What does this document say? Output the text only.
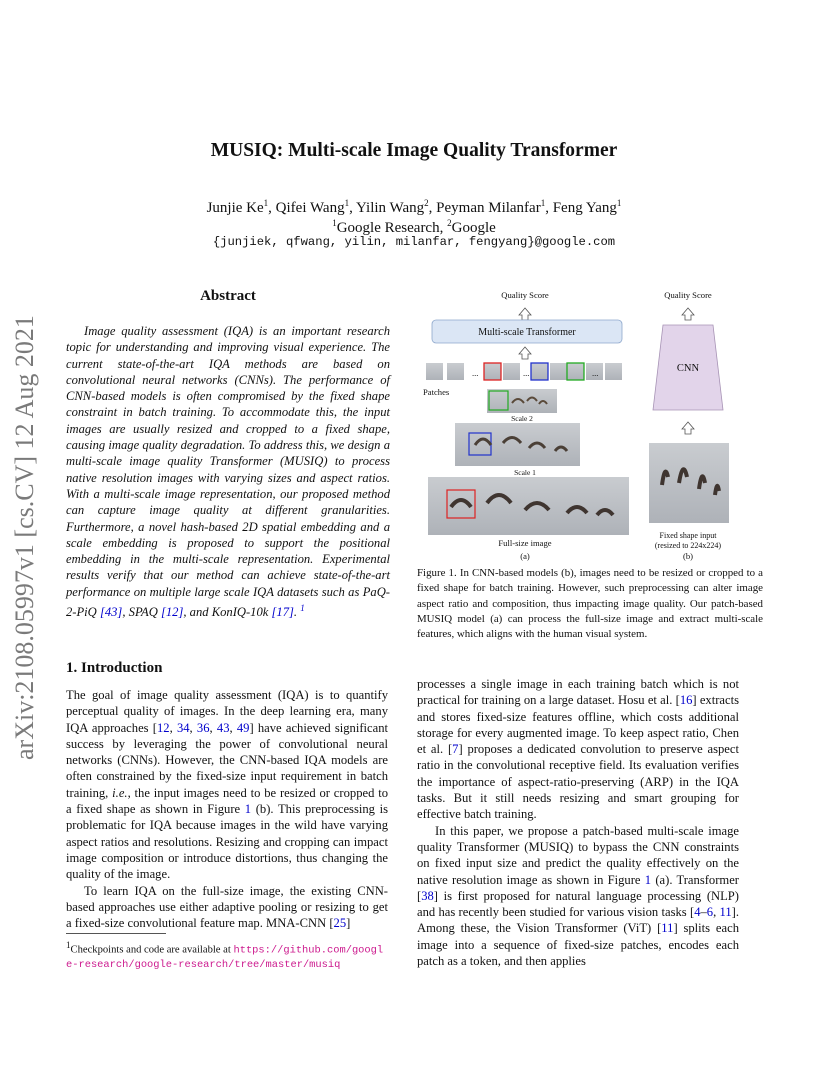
arXiv:2108.05997v1 [cs.CV] 12 Aug 2021
MUSIQ: Multi-scale Image Quality Transformer
Junjie Ke$^1$, Qifei Wang$^1$, Yilin Wang$^2$, Peyman Milanfar$^1$, Feng Yang$^1$
$^1$Google Research, $^2$Google
{junjiek, qfwang, yilin, milanfar, fengyang}@google.com
Abstract

Image quality assessment (IQA) is an important research topic for understanding and improving visual experience. The current state-of-the-art IQA methods are based on convolutional neural networks (CNNs). The performance of CNN-based models is often compromised by the fixed shape constraint in batch training. To accommodate this, the input images are usually resized and cropped to a fixed shape, causing image quality degradation. To address this, we design a multi-scale image quality Transformer (MUSIQ) to process native resolution images with varying sizes and aspect ratios. With a multi-scale image representation, our proposed method can capture image quality at different granularities. Furthermore, a novel hash-based 2D spatial embedding and a scale embedding is proposed to support the positional embedding in the multi-scale representation. Experimental results verify that our method can achieve state-of-the-art performance on multiple large scale IQA datasets such as PaQ-2-PiQ [43], SPAQ [12], and KonIQ-10k [17]. $^1$

1. Introduction

The goal of image quality assessment (IQA) is to quantify perceptual quality of images. In the deep learning era, many IQA approaches [12, 34, 36, 43, 49] have achieved significant success by leveraging the power of convolutional neural networks (CNNs). However, the CNN-based IQA models are often constrained by the fixed-size input requirement in batch training, i.e., the input images need to be resized or cropped to a fixed shape as shown in Figure 1 (b). This preprocessing is problematic for IQA because images in the wild have varying aspect ratios and resolutions. Resizing and cropping can impact image composition or introduce distortions, thus changing the quality of the image.

To learn IQA on the full-size image, the existing CNN-based approaches use either adaptive pooling or resizing to get a fixed-size convolutional feature map. MNA-CNN [25]

$^1$Checkpoints and code are available at https://github.com/google-research/google-research/tree/master/musiq
Quality Score
Multi-scale Transformer
...	...	...
Patches
Scale 2
Scale 1
Full-size image
(a)
Quality Score
CNN
Fixed shape input
(resized to 224x224)
(b)
Figure 1. In CNN-based models (b), images need to be resized or cropped to a fixed shape for batch training. However, such preprocessing can alter image aspect ratio and composition, thus impacting image quality. Our patch-based MUSIQ model (a) can process the full-size image and extract multi-scale features, which aligns with the human visual system.

processes a single image in each training batch which is not practical for training on a large dataset. Hosu et al. [16] extracts and stores fixed-size features offline, which costs additional storage for every augmented image. To keep aspect ratio, Chen et al. [7] proposes a dedicated convolution to preserve aspect ratio in the convolutional receptive field. Its evaluation verifies the importance of aspect-ratio-preserving (ARP) in the IQA tasks. But it still needs resizing and smart grouping for effective batch training.

In this paper, we propose a patch-based multi-scale image quality Transformer (MUSIQ) to bypass the CNN constraints on fixed input size and predict the quality effectively on the native resolution image as shown in Figure 1 (a). Transformer [38] is first proposed for natural language processing (NLP) and has recently been studied for various vision tasks [4–6, 11]. Among these, the Vision Transformer (ViT) [11] splits each image into a sequence of fixed-size patches, encodes each patch as a token, and then applies
